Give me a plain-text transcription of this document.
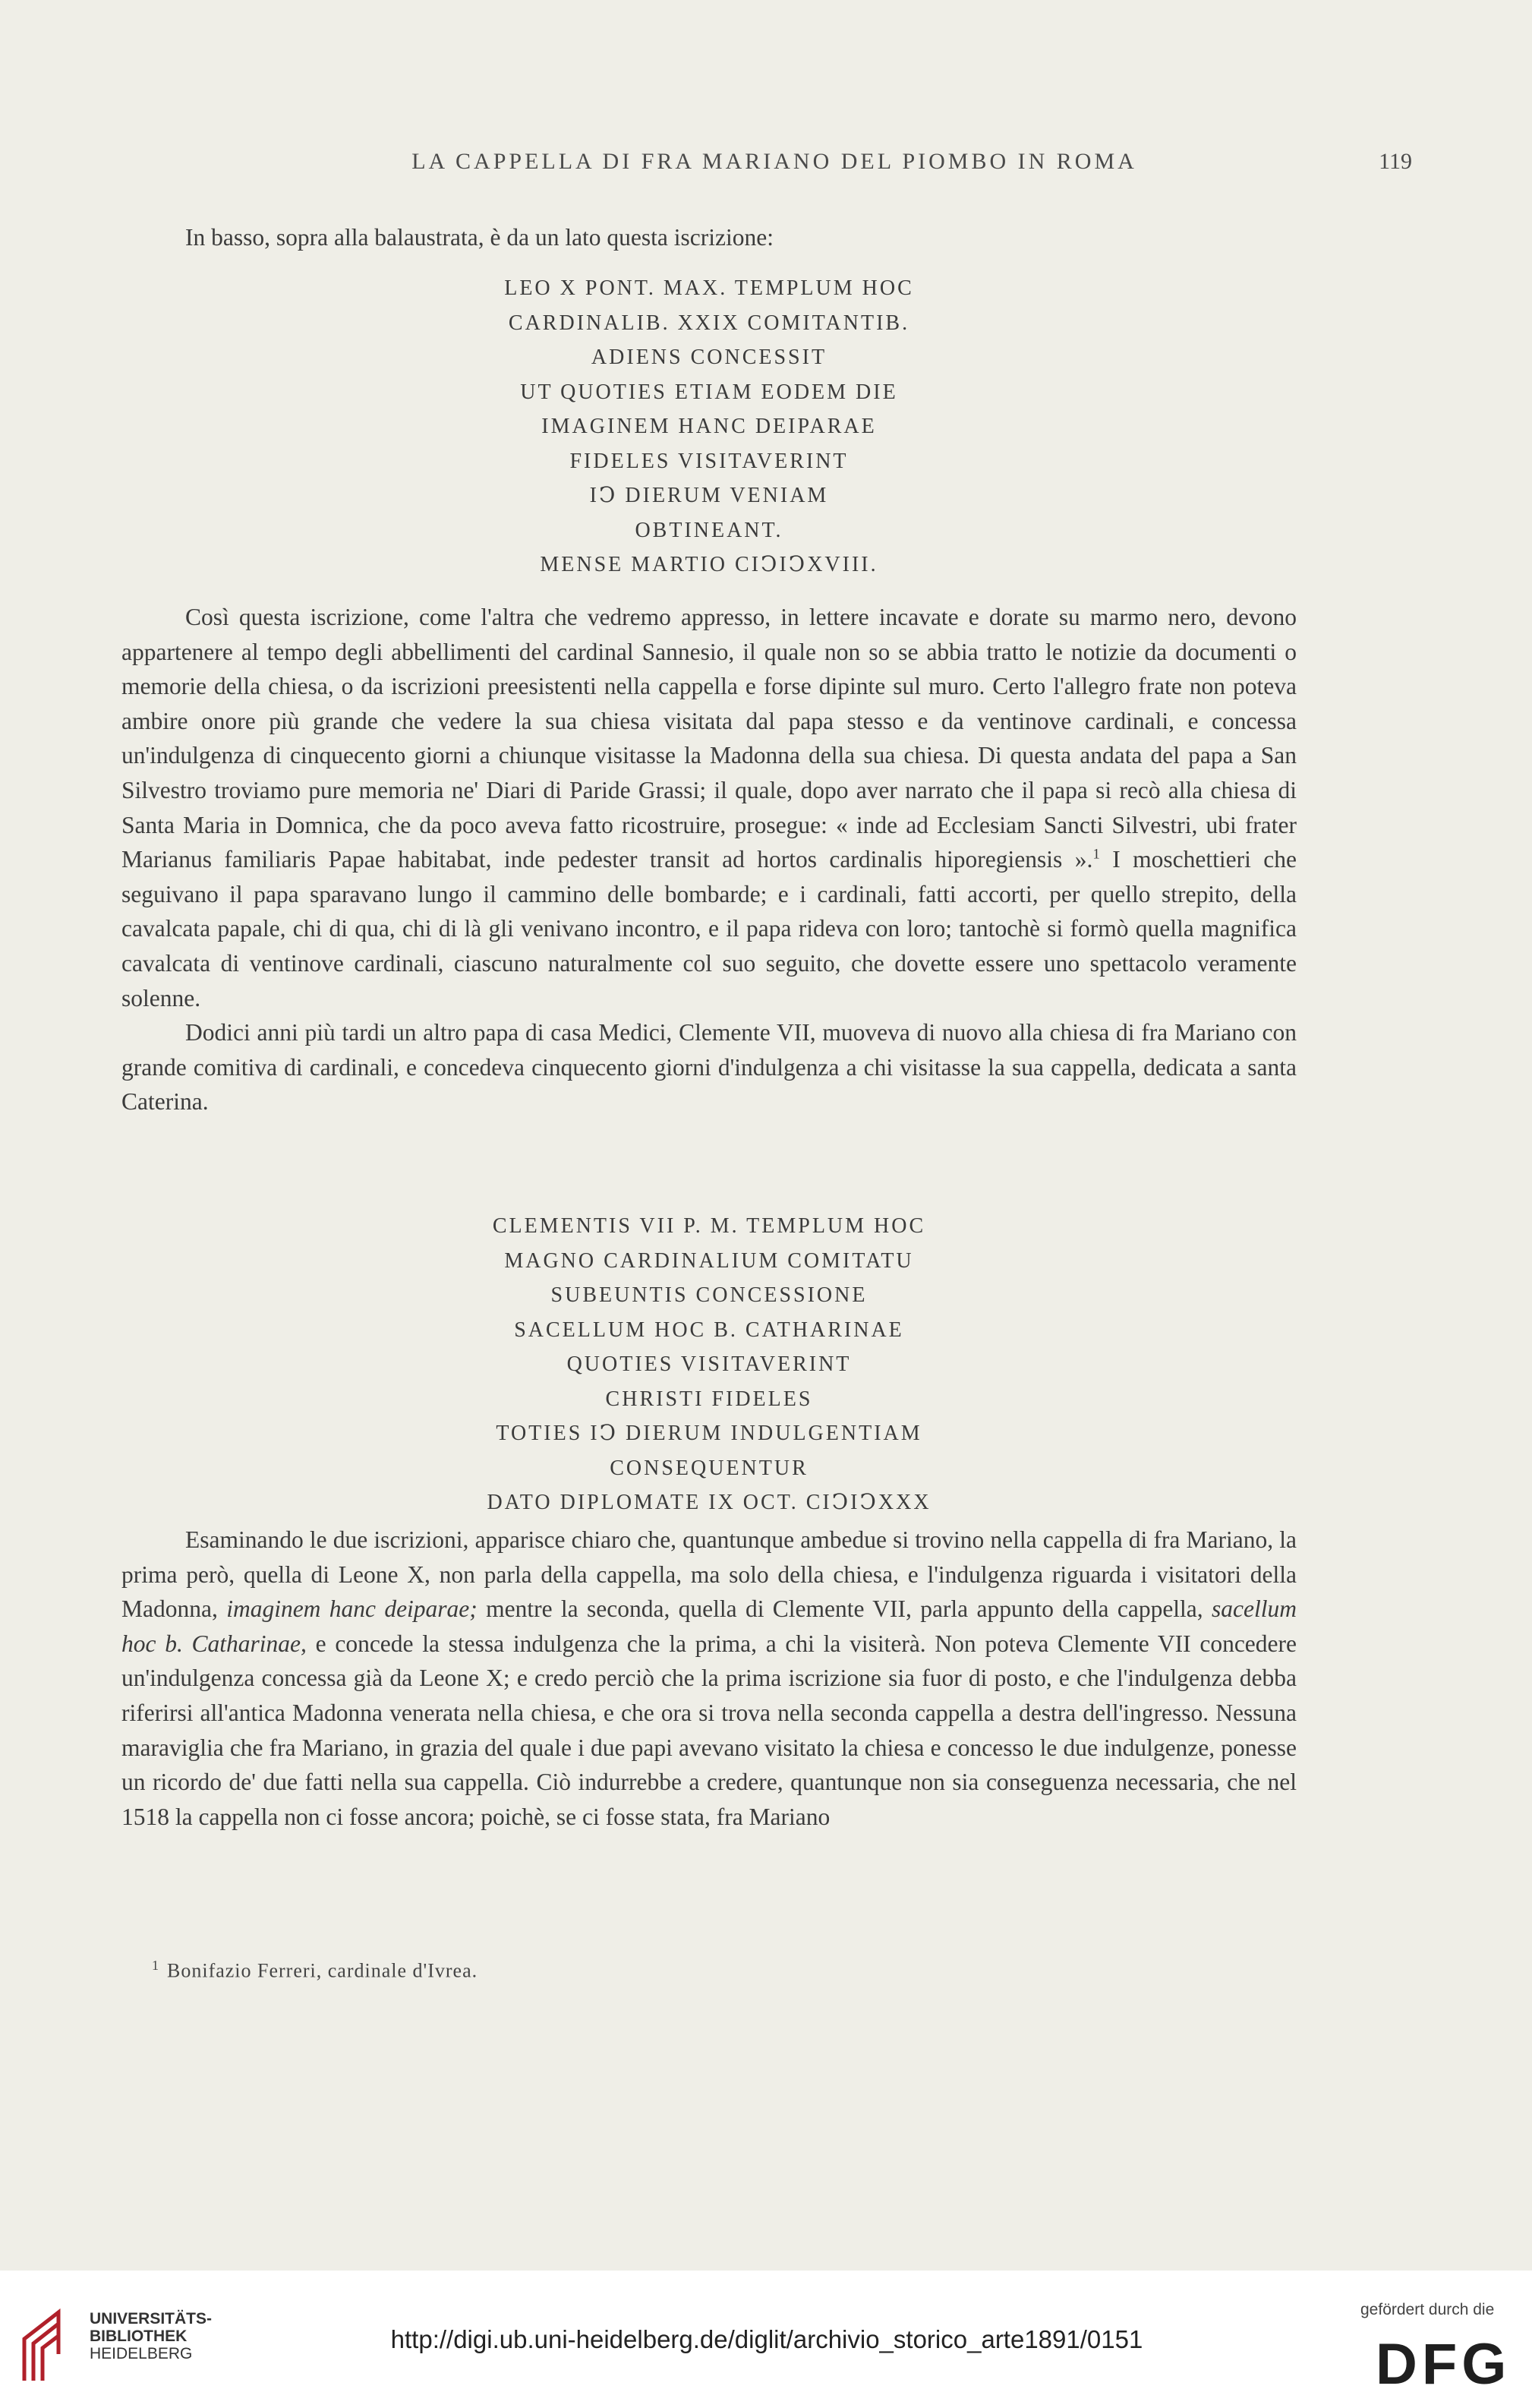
LA CAPPELLA DI FRA MARIANO DEL PIOMBO IN ROMA	119

In basso, sopra alla balaustrata, è da un lato questa iscrizione:

LEO X PONT. MAX. TEMPLUM HOC
CARDINALIB. XXIX COMITANTIB.
ADIENS CONCESSIT
UT QUOTIES ETIAM EODEM DIE
IMAGINEM HANC DEIPARAE
FIDELES VISITAVERINT
IↃ DIERUM VENIAM
OBTINEANT.
MENSE MARTIO CIↃIↃXVIII.

Così questa iscrizione, come l'altra che vedremo appresso, in lettere incavate e dorate su marmo nero, devono appartenere al tempo degli abbellimenti del cardinal Sannesio, il quale non so se abbia tratto le notizie da documenti o memorie della chiesa, o da iscrizioni preesistenti nella cappella e forse dipinte sul muro. Certo l'allegro frate non poteva ambire onore più grande che vedere la sua chiesa visitata dal papa stesso e da ventinove cardinali, e concessa un'indulgenza di cinquecento giorni a chiunque visitasse la Madonna della sua chiesa. Di questa andata del papa a San Silvestro troviamo pure memoria ne' Diari di Paride Grassi; il quale, dopo aver narrato che il papa si recò alla chiesa di Santa Maria in Domnica, che da poco aveva fatto ricostruire, prosegue: « inde ad Ecclesiam Sancti Silvestri, ubi frater Marianus familiaris Papae habitabat, inde pedester transit ad hortos cardinalis hiporegiensis ».$^1$ I moschettieri che seguivano il papa sparavano lungo il cammino delle bombarde; e i cardinali, fatti accorti, per quello strepito, della cavalcata papale, chi di qua, chi di là gli venivano incontro, e il papa rideva con loro; tantochè si formò quella magnifica cavalcata di ventinove cardinali, ciascuno naturalmente col suo seguito, che dovette essere uno spettacolo veramente solenne.

Dodici anni più tardi un altro papa di casa Medici, Clemente VII, muoveva di nuovo alla chiesa di fra Mariano con grande comitiva di cardinali, e concedeva cinquecento giorni d'indulgenza a chi visitasse la sua cappella, dedicata a santa Caterina.

CLEMENTIS VII P. M. TEMPLUM HOC
MAGNO CARDINALIUM COMITATU
SUBEUNTIS CONCESSIONE
SACELLUM HOC B. CATHARINAE
QUOTIES VISITAVERINT
CHRISTI FIDELES
TOTIES IↃ DIERUM INDULGENTIAM
CONSEQUENTUR
DATO DIPLOMATE IX OCT. CIↃIↃXXX

Esaminando le due iscrizioni, apparisce chiaro che, quantunque ambedue si trovino nella cappella di fra Mariano, la prima però, quella di Leone X, non parla della cappella, ma solo della chiesa, e l'indulgenza riguarda i visitatori della Madonna, imaginem hanc deiparae; mentre la seconda, quella di Clemente VII, parla appunto della cappella, sacellum hoc b. Catharinae, e concede la stessa indulgenza che la prima, a chi la visiterà. Non poteva Clemente VII concedere un'indulgenza concessa già da Leone X; e credo perciò che la prima iscrizione sia fuor di posto, e che l'indulgenza debba riferirsi all'antica Madonna venerata nella chiesa, e che ora si trova nella seconda cappella a destra dell'ingresso. Nessuna maraviglia che fra Mariano, in grazia del quale i due papi avevano visitato la chiesa e concesso le due indulgenze, ponesse un ricordo de' due fatti nella sua cappella. Ciò indurrebbe a credere, quantunque non sia conseguenza necessaria, che nel 1518 la cappella non ci fosse ancora; poichè, se ci fosse stata, fra Mariano

$^1$ Bonifazio Ferreri, cardinale d'Ivrea.
UNIVERSITÄTS-
BIBLIOTHEK
HEIDELBERG
http://digi.ub.uni-heidelberg.de/diglit/archivio_storico_arte1891/0151
gefördert durch die
DFG
